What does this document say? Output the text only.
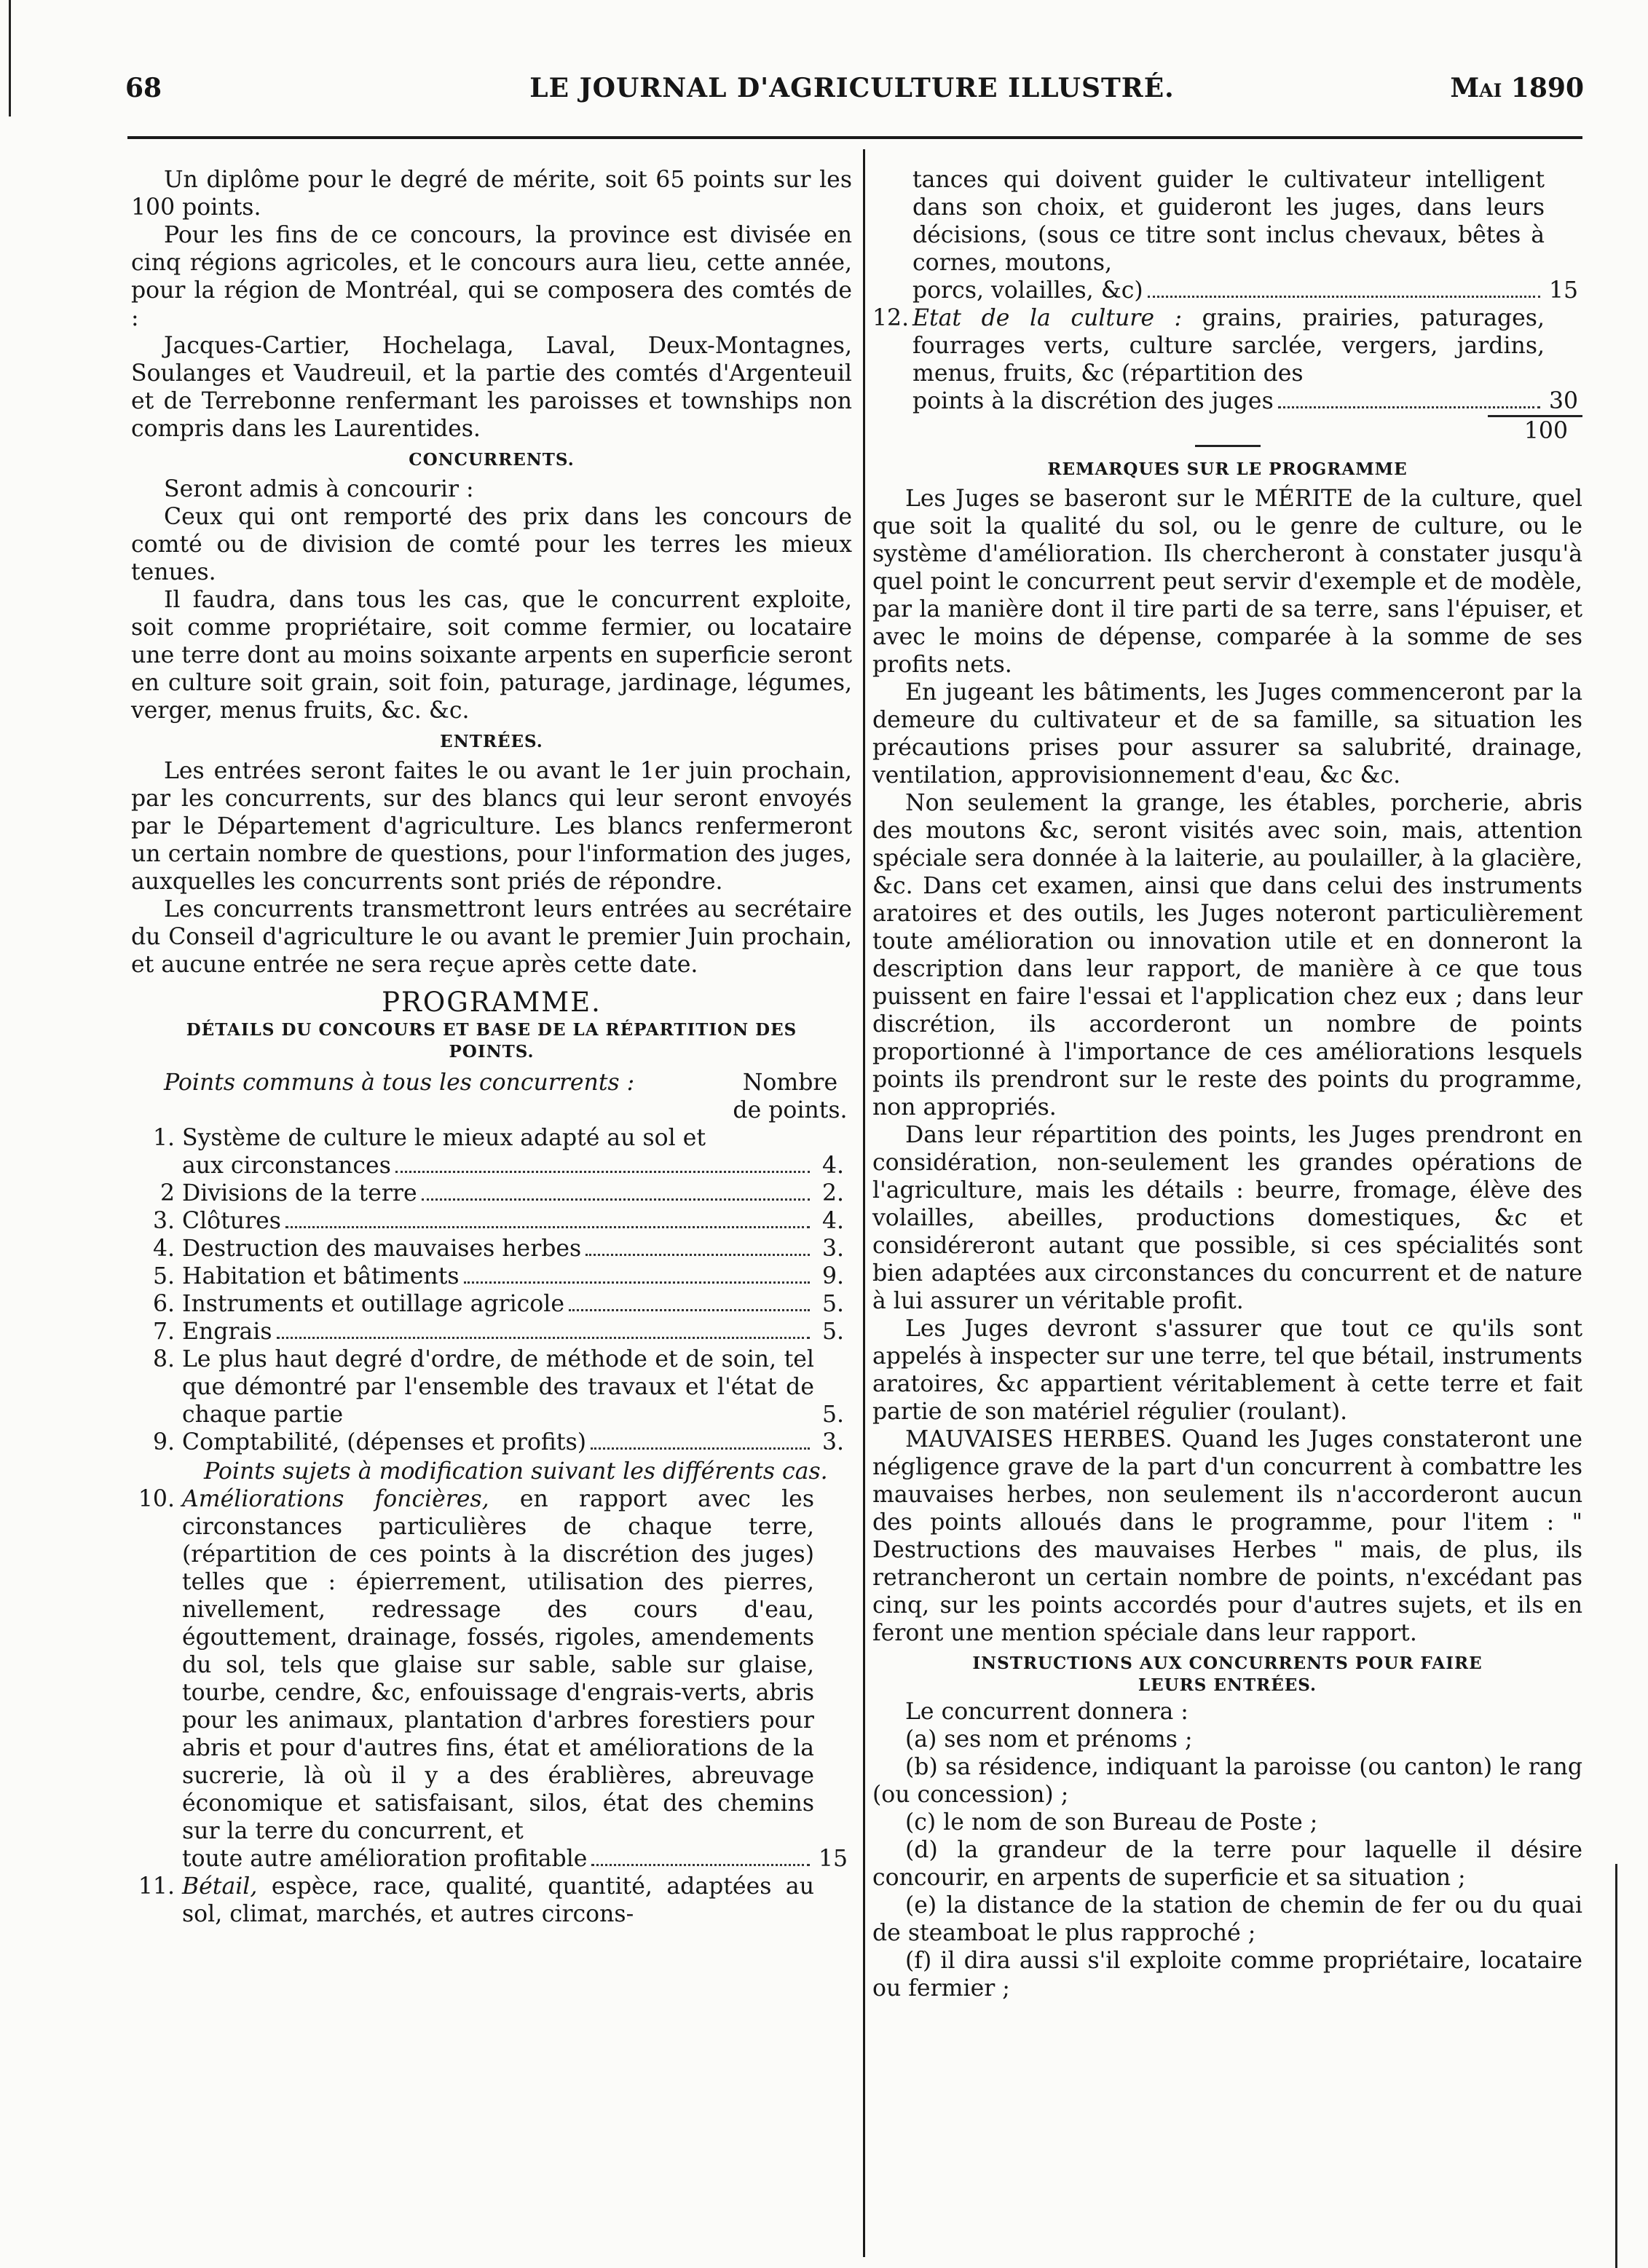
68	LE JOURNAL D'AGRICULTURE ILLUSTRÉ.	Mai 1890

Un diplôme pour le degré de mérite, soit 65 points sur les 100 points.

Pour les fins de ce concours, la province est divisée en cinq régions agricoles, et le concours aura lieu, cette année, pour la région de Montréal, qui se composera des comtés de :

Jacques-Cartier, Hochelaga, Laval, Deux-Montagnes, Soulanges et Vaudreuil, et la partie des comtés d'Argenteuil et de Terrebonne renfermant les paroisses et townships non compris dans les Laurentides.

CONCURRENTS.

Seront admis à concourir :

Ceux qui ont remporté des prix dans les concours de comté ou de division de comté pour les terres les mieux tenues.

Il faudra, dans tous les cas, que le concurrent exploite, soit comme propriétaire, soit comme fermier, ou locataire une terre dont au moins soixante arpents en superficie seront en culture soit grain, soit foin, paturage, jardinage, légumes, verger, menus fruits, &c. &c.

ENTRÉES.

Les entrées seront faites le ou avant le 1er juin prochain, par les concurrents, sur des blancs qui leur seront envoyés par le Département d'agriculture. Les blancs renfermeront un certain nombre de questions, pour l'information des juges, auxquelles les concurrents sont priés de répondre.

Les concurrents transmettront leurs entrées au secrétaire du Conseil d'agriculture le ou avant le premier Juin prochain, et aucune entrée ne sera reçue après cette date.

PROGRAMME.
DÉTAILS DU CONCOURS ET BASE DE LA RÉPARTITION DES POINTS.
Points communs à tous les concurrents :	Nombre de points.
1. Système de culture le mieux adapté au sol et

aux circonstances	4.
2 Divisions de la terre	2.
3. Clôtures	4.
4. Destruction des mauvaises herbes	3.
5. Habitation et bâtiments	9.
6. Instruments et outillage agricole	5.
7. Engrais	5.
8. Le plus haut degré d'ordre, de méthode et de soin, tel que démontré par l'ensemble des travaux et l'état de chaque partie	5.
9. Comptabilité, (dépenses et profits)	3.

Points sujets à modification suivant les différents cas.

10. Améliorations foncières, en rapport avec les circonstances particulières de chaque terre, (répartition de ces points à la discrétion des juges) telles que : épierrement, utilisation des pierres, nivellement, redressage des cours d'eau, égouttement, drainage, fossés, rigoles, amendements du sol, tels que glaise sur sable, sable sur glaise, tourbe, cendre, &c, enfouissage d'engrais-verts, abris pour les animaux, plantation d'arbres forestiers pour abris et pour d'autres fins, état et améliorations de la sucrerie, là où il y a des érablières, abreuvage économique et satisfaisant, silos, état des chemins sur la terre du concurrent, et

toute autre amélioration profitable	15
11. Bétail, espèce, race, qualité, quantité, adaptées au sol, climat, marchés, et autres circons-

tances qui doivent guider le cultivateur intelligent dans son choix, et guideront les juges, dans leurs décisions, (sous ce titre sont inclus chevaux, bêtes à cornes, moutons,

porcs, volailles, &c)	15
12. Etat de la culture : grains, prairies, paturages, fourrages verts, culture sarclée, vergers, jardins, menus, fruits, &c (répartition des

points à la discrétion des juges	30
100
REMARQUES SUR LE PROGRAMME

Les Juges se baseront sur le MÉRITE de la culture, quel que soit la qualité du sol, ou le genre de culture, ou le système d'amélioration. Ils chercheront à constater jusqu'à quel point le concurrent peut servir d'exemple et de modèle, par la manière dont il tire parti de sa terre, sans l'épuiser, et avec le moins de dépense, comparée à la somme de ses profits nets.

En jugeant les bâtiments, les Juges commenceront par la demeure du cultivateur et de sa famille, sa situation les précautions prises pour assurer sa salubrité, drainage, ventilation, approvisionnement d'eau, &c &c.

Non seulement la grange, les étables, porcherie, abris des moutons &c, seront visités avec soin, mais, attention spéciale sera donnée à la laiterie, au poulailler, à la glacière, &c. Dans cet examen, ainsi que dans celui des instruments aratoires et des outils, les Juges noteront particulièrement toute amélioration ou innovation utile et en donneront la description dans leur rapport, de manière à ce que tous puissent en faire l'essai et l'application chez eux ; dans leur discrétion, ils accorderont un nombre de points proportionné à l'importance de ces améliorations lesquels points ils prendront sur le reste des points du programme, non appropriés.

Dans leur répartition des points, les Juges prendront en considération, non-seulement les grandes opérations de l'agriculture, mais les détails : beurre, fromage, élève des volailles, abeilles, productions domestiques, &c et considéreront autant que possible, si ces spécialités sont bien adaptées aux circonstances du concurrent et de nature à lui assurer un véritable profit.

Les Juges devront s'assurer que tout ce qu'ils sont appelés à inspecter sur une terre, tel que bétail, instruments aratoires, &c appartient véritablement à cette terre et fait partie de son matériel régulier (roulant).

MAUVAISES HERBES. Quand les Juges constateront une négligence grave de la part d'un concurrent à combattre les mauvaises herbes, non seulement ils n'accorderont aucun des points alloués dans le programme, pour l'item : " Destructions des mauvaises Herbes " mais, de plus, ils retrancheront un certain nombre de points, n'excédant pas cinq, sur les points accordés pour d'autres sujets, et ils en feront une mention spéciale dans leur rapport.

INSTRUCTIONS AUX CONCURRENTS POUR FAIRE LEURS ENTRÉES.

Le concurrent donnera :

(a) ses nom et prénoms ;

(b) sa résidence, indiquant la paroisse (ou canton) le rang (ou concession) ;

(c) le nom de son Bureau de Poste ;

(d) la grandeur de la terre pour laquelle il désire concourir, en arpents de superficie et sa situation ;

(e) la distance de la station de chemin de fer ou du quai de steamboat le plus rapproché ;

(f) il dira aussi s'il exploite comme propriétaire, locataire ou fermier ;
